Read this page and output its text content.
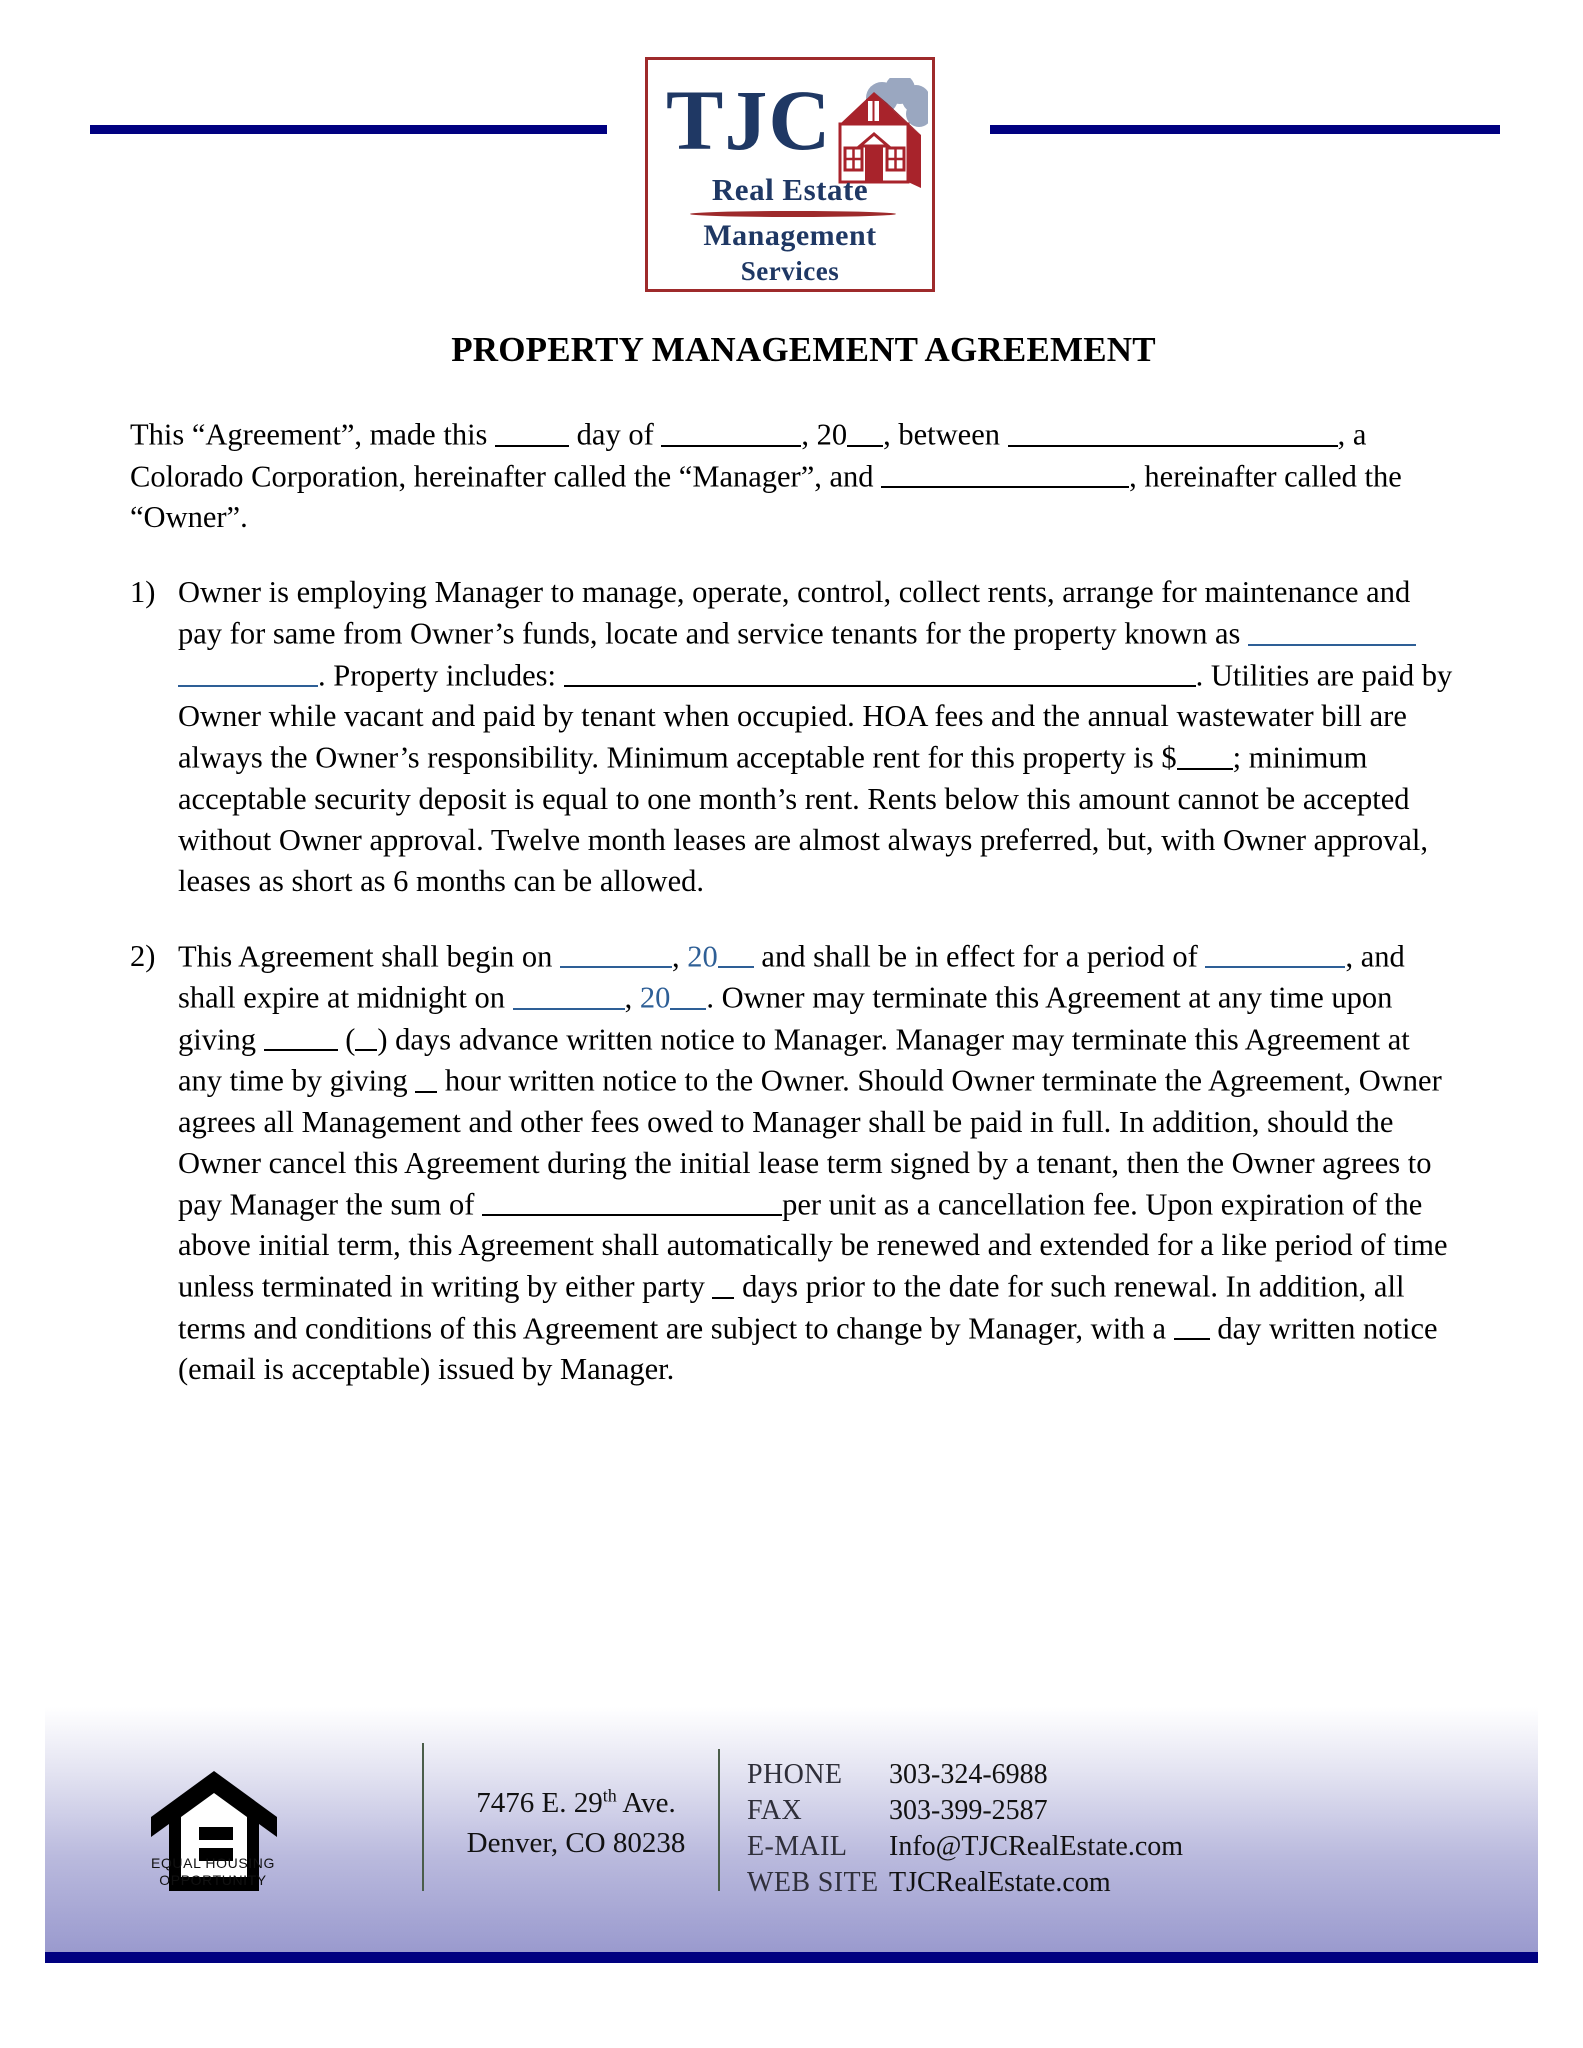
TJC
Real Estate
Management
Services
PROPERTY MANAGEMENT AGREEMENT

This “Agreement”, made this	day of	, 20 , between	, a Colorado Corporation, hereinafter called the “Manager”, and	, hereinafter called the “Owner”.

1) Owner is employing Manager to manage, operate, control, collect rents, arrange for maintenance and pay for same from Owner’s funds, locate and service tenants for the property known as  . Property includes:	. Utilities are paid by Owner while vacant and paid by tenant when occupied. HOA fees and the annual wastewater bill are always the Owner’s responsibility. Minimum acceptable rent for this property is $ ; minimum acceptable security deposit is equal to one month’s rent. Rents below this amount cannot be accepted without Owner approval. Twelve month leases are almost always preferred, but, with Owner approval, leases as short as 6 months can be allowed.

2) This Agreement shall begin on	, 20 and shall be in effect for a period of	, and shall expire at midnight on	, 20 . Owner may terminate this Agreement at any time upon giving	( ) days advance written notice to Manager. Manager may terminate this Agreement at any time by giving hour written notice to the Owner. Should Owner terminate the Agreement, Owner agrees all Management and other fees owed to Manager shall be paid in full. In addition, should the Owner cancel this Agreement during the initial lease term signed by a tenant, then the Owner agrees to pay Manager the sum of	per unit as a cancellation fee. Upon expiration of the above initial term, this Agreement shall automatically be renewed and extended for a like period of time unless terminated in writing by either party days prior to the date for such renewal. In addition, all terms and conditions of this Agreement are subject to change by Manager, with a day written notice (email is acceptable) issued by Manager.

EQUAL HOUSING
OPPORTUNITY
7476 E. 29th Ave.
Denver, CO 80238
PHONE	303-324-6988
FAX	303-399-2587
E-MAIL	Info@TJCRealEstate.com
WEB SITE TJCRealEstate.com
